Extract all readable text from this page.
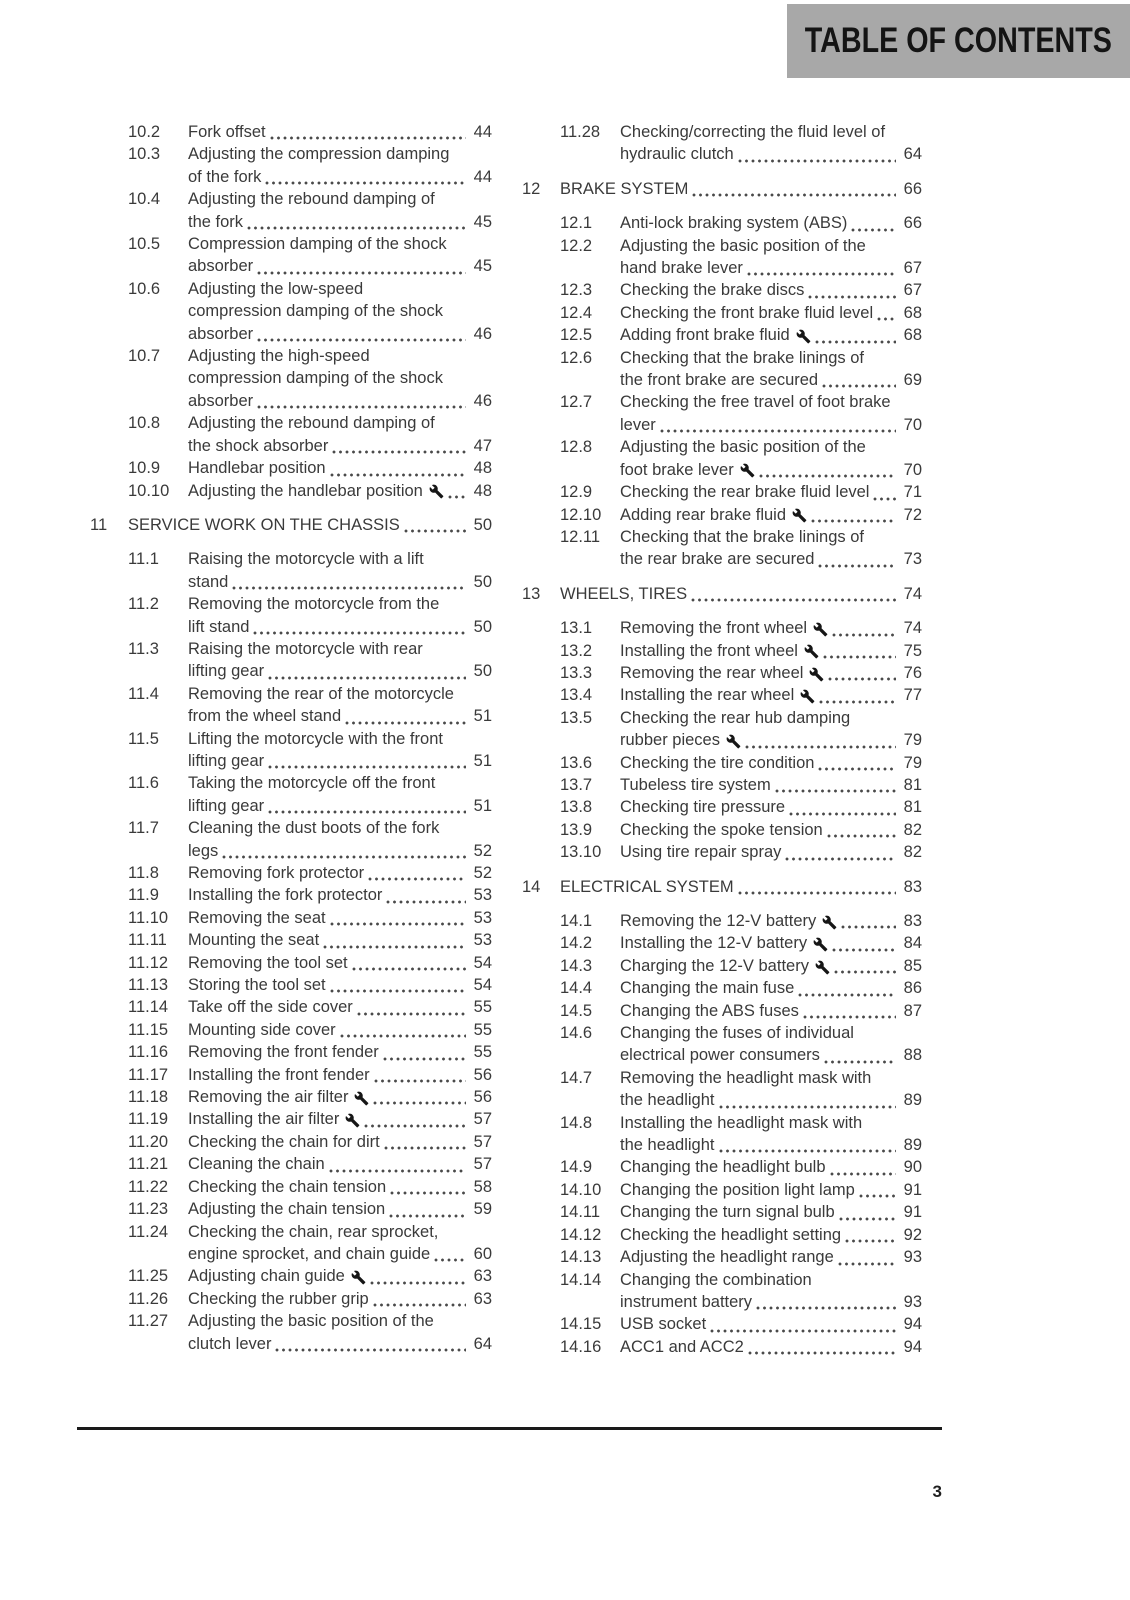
TABLE OF CONTENTS
10.2	Fork offset	44
10.3	Adjusting the compression damping
of the fork	44
10.4	Adjusting the rebound damping of
the fork	45
10.5	Compression damping of the shock
absorber	45
10.6	Adjusting the low-speed
compression damping of the shock
absorber	46
10.7	Adjusting the high-speed
compression damping of the shock
absorber	46
10.8	Adjusting the rebound damping of
the shock absorber	47
10.9	Handlebar position	48
10.10	Adjusting the handlebar position	48
11	SERVICE WORK ON THE CHASSIS	50
11.1	Raising the motorcycle with a lift
stand	50
11.2	Removing the motorcycle from the
lift stand	50
11.3	Raising the motorcycle with rear
lifting gear	50
11.4	Removing the rear of the motorcycle
from the wheel stand	51
11.5	Lifting the motorcycle with the front
lifting gear	51
11.6	Taking the motorcycle off the front
lifting gear	51
11.7	Cleaning the dust boots of the fork
legs	52
11.8	Removing fork protector	52
11.9	Installing the fork protector	53
11.10	Removing the seat	53
11.11	Mounting the seat	53
11.12	Removing the tool set	54
11.13	Storing the tool set	54
11.14	Take off the side cover	55
11.15	Mounting side cover	55
11.16	Removing the front fender	55
11.17	Installing the front fender	56
11.18	Removing the air filter	56
11.19	Installing the air filter	57
11.20	Checking the chain for dirt	57
11.21	Cleaning the chain	57
11.22	Checking the chain tension	58
11.23	Adjusting the chain tension	59
11.24	Checking the chain, rear sprocket,
engine sprocket, and chain guide	60
11.25	Adjusting chain guide	63
11.26	Checking the rubber grip	63
11.27	Adjusting the basic position of the
clutch lever	64
11.28	Checking/correcting the fluid level of
hydraulic clutch	64
12	BRAKE SYSTEM	66
12.1	Anti-lock braking system (ABS)	66
12.2	Adjusting the basic position of the
hand brake lever	67
12.3	Checking the brake discs	67
12.4	Checking the front brake fluid level 68
12.5	Adding front brake fluid	68
12.6	Checking that the brake linings of
the front brake are secured	69
12.7	Checking the free travel of foot brake
lever	70
12.8	Adjusting the basic position of the
foot brake lever	70
12.9	Checking the rear brake fluid level 71
12.10	Adding rear brake fluid	72
12.11	Checking that the brake linings of
the rear brake are secured	73
13	WHEELS, TIRES	74
13.1	Removing the front wheel	74
13.2	Installing the front wheel	75
13.3	Removing the rear wheel	76
13.4	Installing the rear wheel	77
13.5	Checking the rear hub damping
rubber pieces	79
13.6	Checking the tire condition	79
13.7	Tubeless tire system	81
13.8	Checking tire pressure	81
13.9	Checking the spoke tension	82
13.10	Using tire repair spray	82
14	ELECTRICAL SYSTEM	83
14.1	Removing the 12-V battery	83
14.2	Installing the 12-V battery	84
14.3	Charging the 12-V battery	85
14.4	Changing the main fuse	86
14.5	Changing the ABS fuses	87
14.6	Changing the fuses of individual
electrical power consumers	88
14.7	Removing the headlight mask with
the headlight	89
14.8	Installing the headlight mask with
the headlight	89
14.9	Changing the headlight bulb	90
14.10	Changing the position light lamp	91
14.11	Changing the turn signal bulb	91
14.12	Checking the headlight setting	92
14.13	Adjusting the headlight range	93
14.14	Changing the combination
instrument battery	93
14.15	USB socket	94
14.16	ACC1 and ACC2	94
3
